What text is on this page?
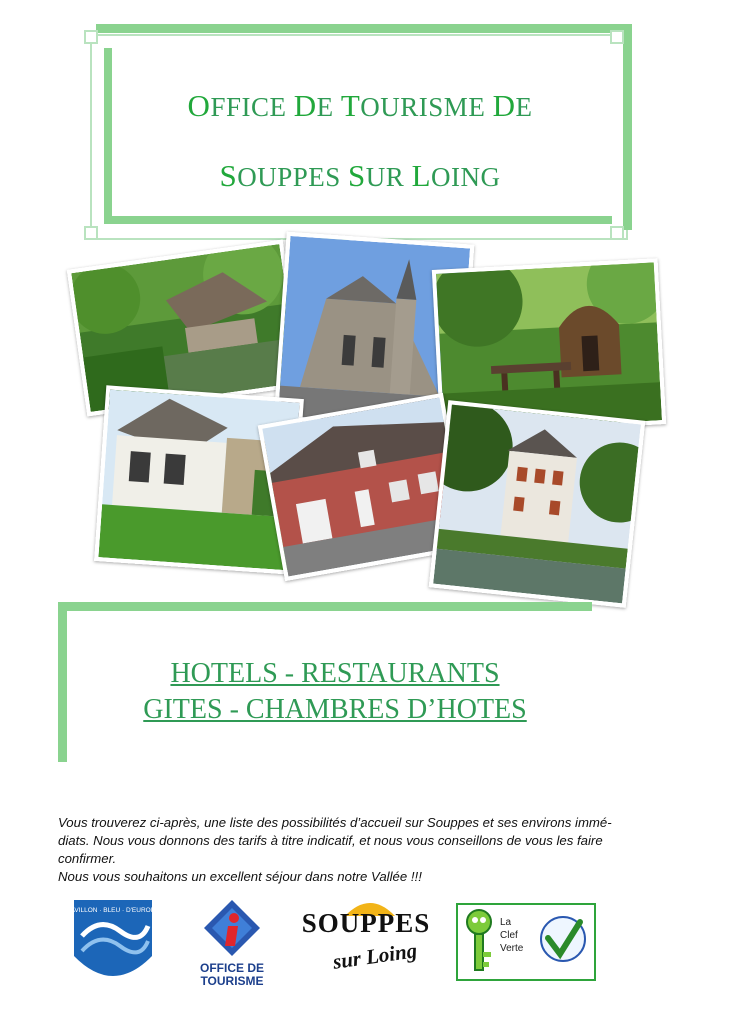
OFFICE DE TOURISME DE
SOUPPES SUR LOING
HOTELS - RESTAURANTS
GITES - CHAMBRES D’HOTES

Vous trouverez ci-après, une liste des possibilités d’accueil sur Souppes et ses environs immé-

diats. Nous vous donnons des tarifs à titre indicatif, et nous vous conseillons de vous les faire

confirmer.

Nous vous souhaitons un excellent séjour dans notre Vallée !!!

PAVILLON · BLEU · D'EUROPE
OFFICE DE
TOURISME
SOUPPES
sur Loing
La
Clef
Verte
